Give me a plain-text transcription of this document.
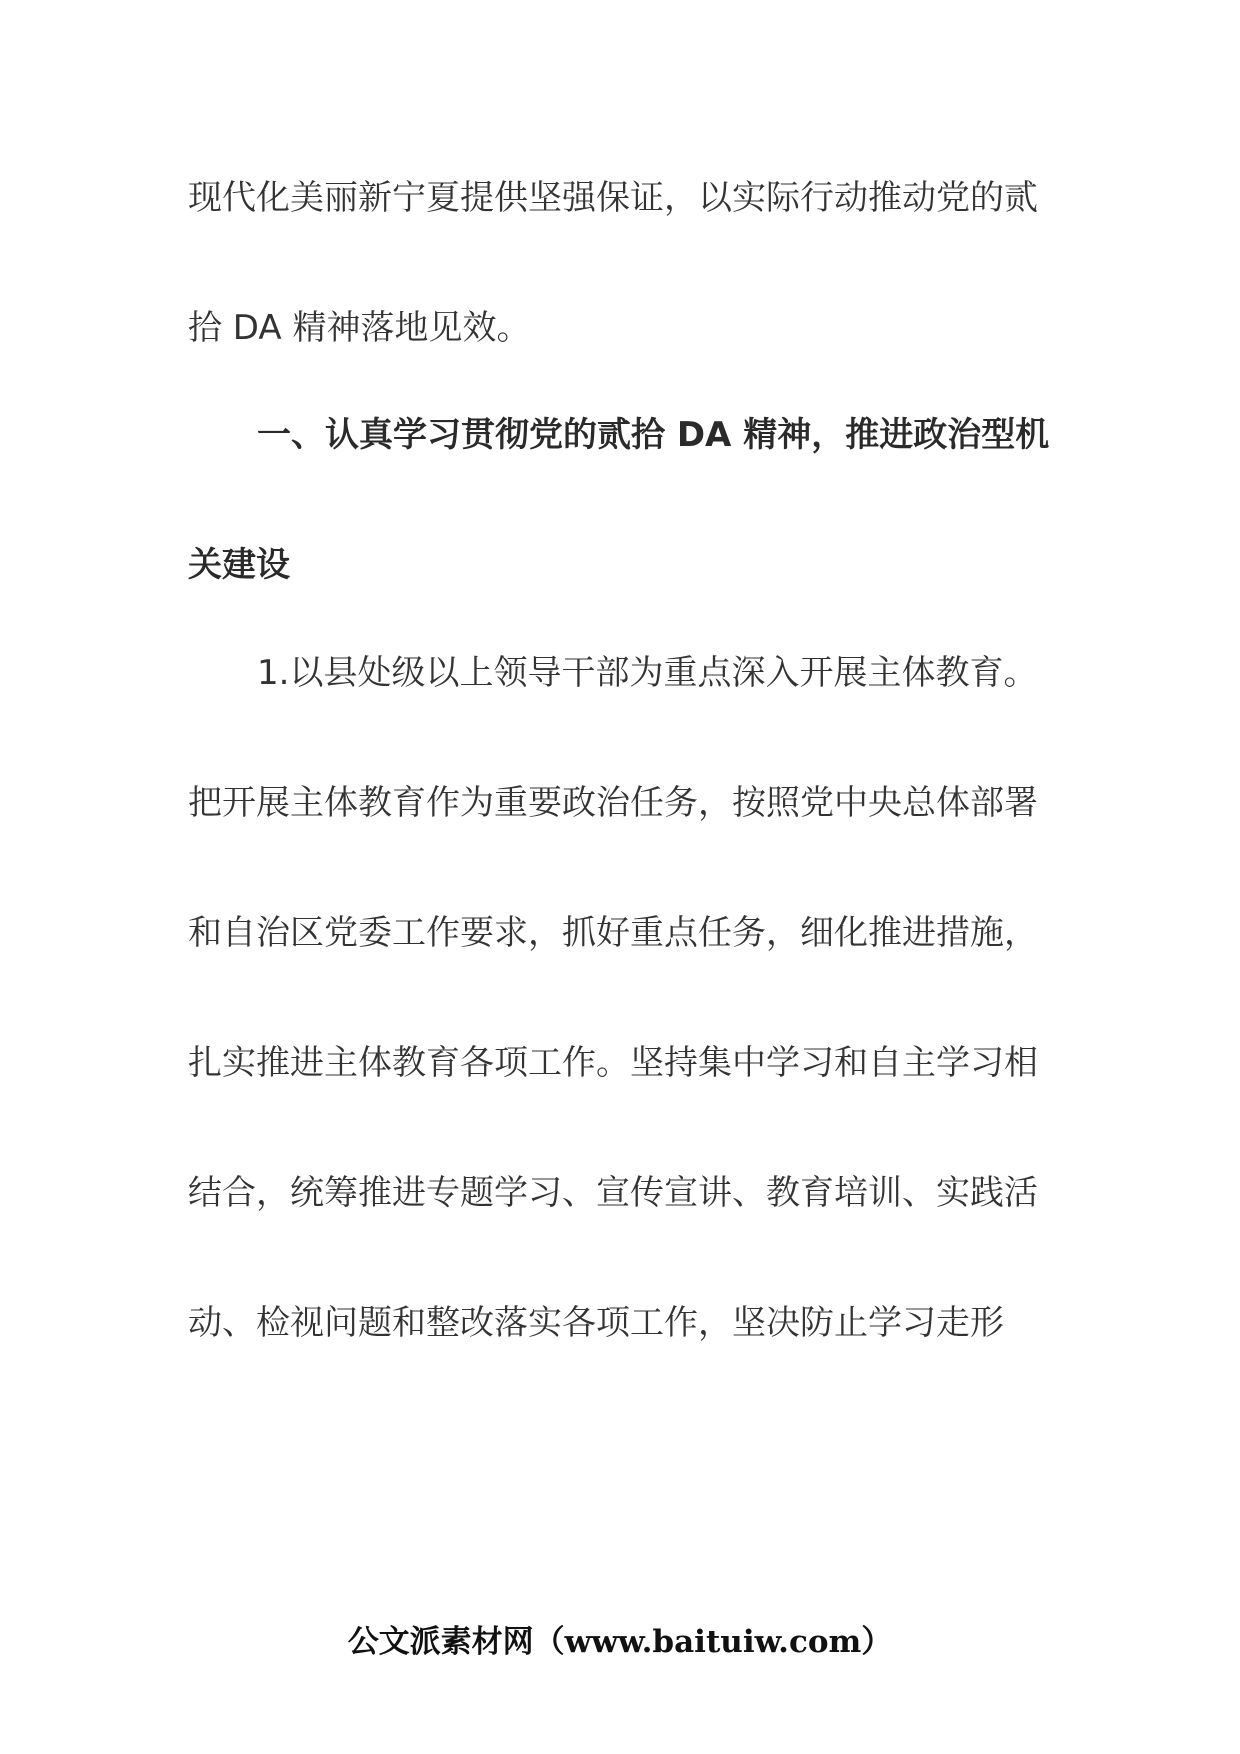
现代化美丽新宁夏提供坚强保证，以实际行动推动党的贰
拾 DA 精神落地见效。
一、认真学习贯彻党的贰拾 DA 精神，推进政治型机
关建设
1.以县处级以上领导干部为重点深入开展主体教育。
把开展主体教育作为重要政治任务，按照党中央总体部署
和自治区党委工作要求，抓好重点任务，细化推进措施，
扎实推进主体教育各项工作。坚持集中学习和自主学习相
结合，统筹推进专题学习、宣传宣讲、教育培训、实践活
动、检视问题和整改落实各项工作，坚决防止学习走形
公文派素材网（www.baituiw.com）
